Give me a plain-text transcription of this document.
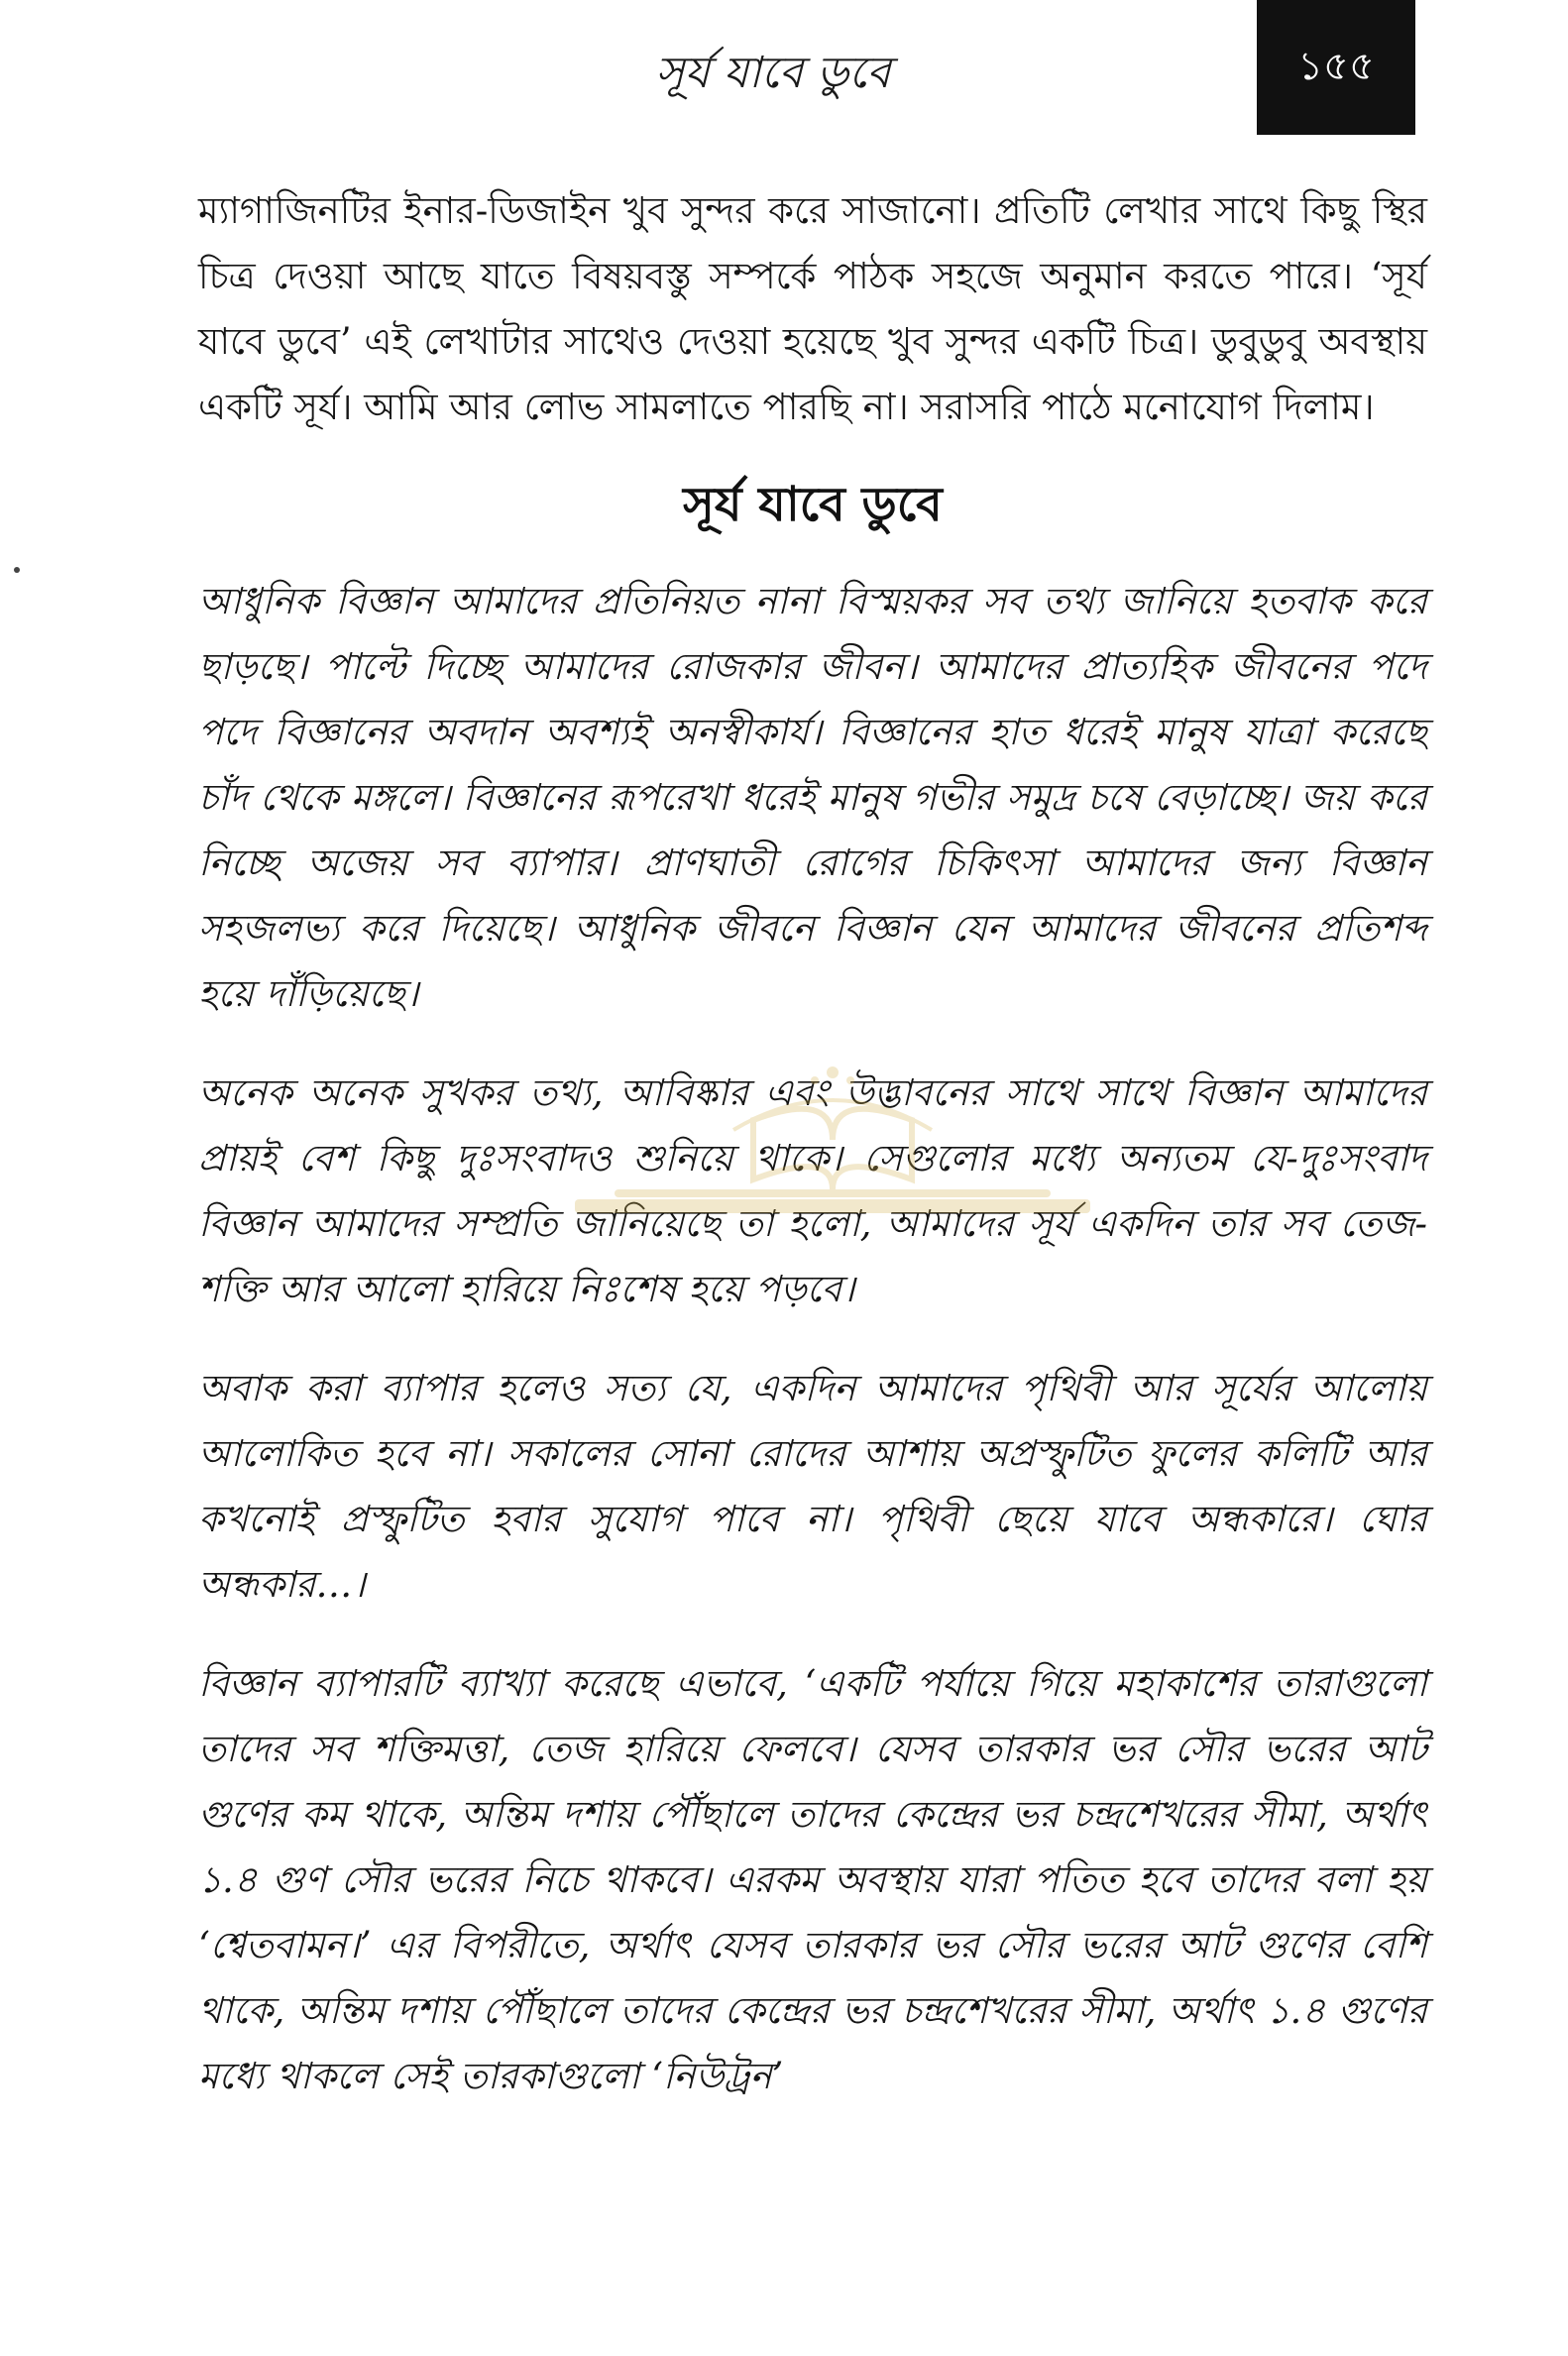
সূর্য যাবে ডুবে	১৫৫

ম্যাগাজিনটির ইনার-ডিজাইন খুব সুন্দর করে সাজানো। প্রতিটি লেখার সাথে কিছু স্থির চিত্র দেওয়া আছে যাতে বিষয়বস্তু সম্পর্কে পাঠক সহজে অনুমান করতে পারে। ‘সূর্য যাবে ডুবে’ এই লেখাটার সাথেও দেওয়া হয়েছে খুব সুন্দর একটি চিত্র। ডুবুডুবু অবস্থায় একটি সূর্য। আমি আর লোভ সামলাতে পারছি না। সরাসরি পাঠে মনোযোগ দিলাম।

সূর্য যাবে ডুবে

আধুনিক বিজ্ঞান আমাদের প্রতিনিয়ত নানা বিস্ময়কর সব তথ্য জানিয়ে হতবাক করে ছাড়ছে। পাল্টে দিচ্ছে আমাদের রোজকার জীবন। আমাদের প্রাত্যহিক জীবনের পদে পদে বিজ্ঞানের অবদান অবশ্যই অনস্বীকার্য। বিজ্ঞানের হাত ধরেই মানুষ যাত্রা করেছে চাঁদ থেকে মঙ্গলে। বিজ্ঞানের রূপরেখা ধরেই মানুষ গভীর সমুদ্র চষে বেড়াচ্ছে। জয় করে নিচ্ছে অজেয় সব ব্যাপার। প্রাণঘাতী রোগের চিকিৎসা আমাদের জন্য বিজ্ঞান সহজলভ্য করে দিয়েছে। আধুনিক জীবনে বিজ্ঞান যেন আমাদের জীবনের প্রতিশব্দ হয়ে দাঁড়িয়েছে।

অনেক অনেক সুখকর তথ্য, আবিষ্কার এবং উদ্ভাবনের সাথে সাথে বিজ্ঞান আমাদের প্রায়ই বেশ কিছু দুঃসংবাদও শুনিয়ে থাকে। সেগুলোর মধ্যে অন্যতম যে-দুঃসংবাদ বিজ্ঞান আমাদের সম্প্রতি জানিয়েছে তা হলো, আমাদের সূর্য একদিন তার সব তেজ-শক্তি আর আলো হারিয়ে নিঃশেষ হয়ে পড়বে।

অবাক করা ব্যাপার হলেও সত্য যে, একদিন আমাদের পৃথিবী আর সূর্যের আলোয় আলোকিত হবে না। সকালের সোনা রোদের আশায় অপ্রস্ফুটিত ফুলের কলিটি আর কখনোই প্রস্ফুটিত হবার সুযোগ পাবে না। পৃথিবী ছেয়ে যাবে অন্ধকারে। ঘোর অন্ধকার…।

বিজ্ঞান ব্যাপারটি ব্যাখ্যা করেছে এভাবে, ‘একটি পর্যায়ে গিয়ে মহাকাশের তারাগুলো তাদের সব শক্তিমত্তা, তেজ হারিয়ে ফেলবে। যেসব তারকার ভর সৌর ভরের আট গুণের কম থাকে, অন্তিম দশায় পৌঁছালে তাদের কেন্দ্রের ভর চন্দ্রশেখরের সীমা, অর্থাৎ ১.৪ গুণ সৌর ভরের নিচে থাকবে। এরকম অবস্থায় যারা পতিত হবে তাদের বলা হয় ‘শ্বেতবামন।’ এর বিপরীতে, অর্থাৎ যেসব তারকার ভর সৌর ভরের আট গুণের বেশি থাকে, অন্তিম দশায় পৌঁছালে তাদের কেন্দ্রের ভর চন্দ্রশেখরের সীমা, অর্থাৎ ১.৪ গুণের মধ্যে থাকলে সেই তারকাগুলো ‘নিউট্রন’
